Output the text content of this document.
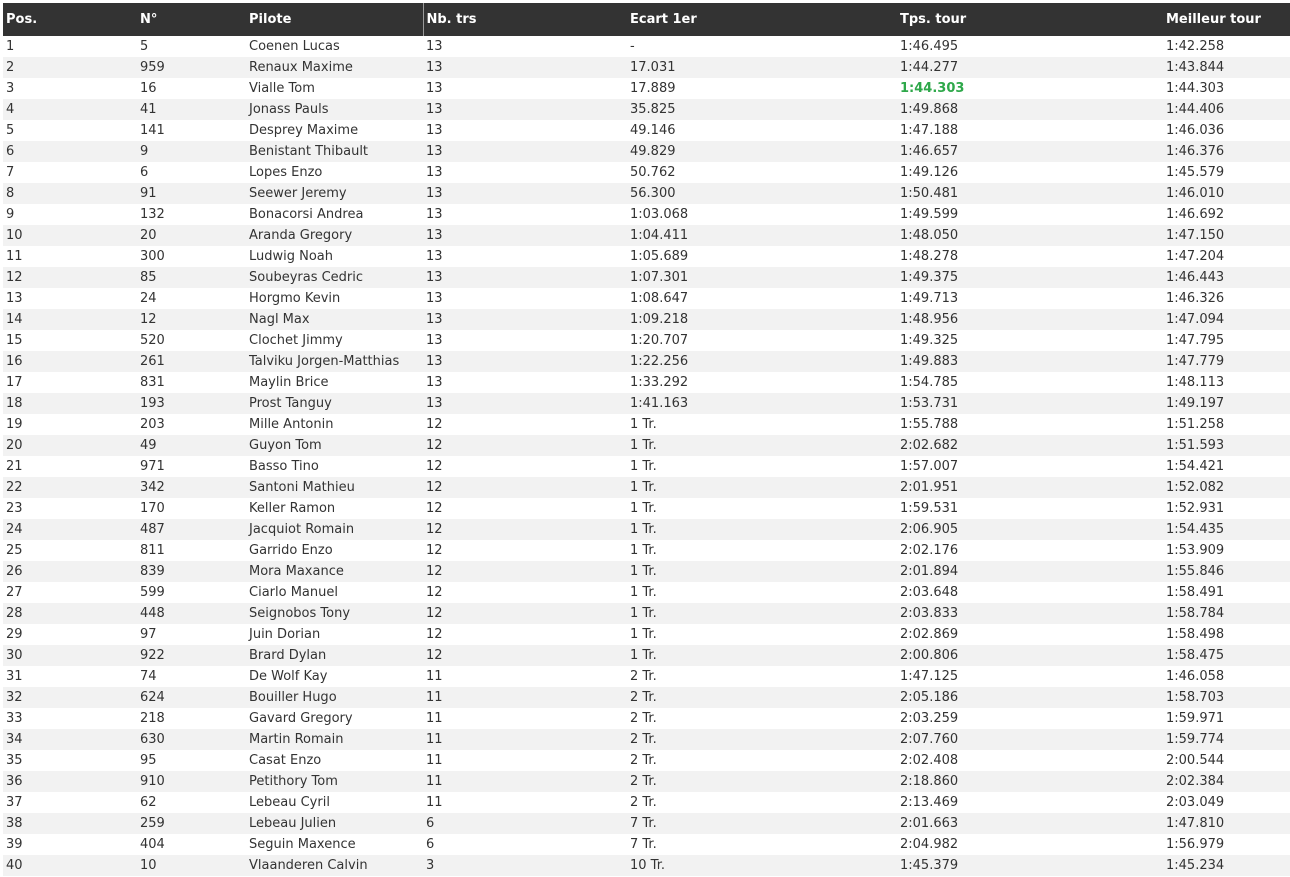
Pos.	N°	Pilote	Nb. trs	Ecart 1er	Tps. tour	Meilleur tour
1	5	Coenen Lucas	13	-	1:46.495	1:42.258
2	959	Renaux Maxime	13	17.031	1:44.277	1:43.844
3	16	Vialle Tom	13	17.889	1:44.303	1:44.303
4	41	Jonass Pauls	13	35.825	1:49.868	1:44.406
5	141	Desprey Maxime	13	49.146	1:47.188	1:46.036
6	9	Benistant Thibault	13	49.829	1:46.657	1:46.376
7	6	Lopes Enzo	13	50.762	1:49.126	1:45.579
8	91	Seewer Jeremy	13	56.300	1:50.481	1:46.010
9	132	Bonacorsi Andrea	13	1:03.068	1:49.599	1:46.692
10	20	Aranda Gregory	13	1:04.411	1:48.050	1:47.150
11	300	Ludwig Noah	13	1:05.689	1:48.278	1:47.204
12	85	Soubeyras Cedric	13	1:07.301	1:49.375	1:46.443
13	24	Horgmo Kevin	13	1:08.647	1:49.713	1:46.326
14	12	Nagl Max	13	1:09.218	1:48.956	1:47.094
15	520	Clochet Jimmy	13	1:20.707	1:49.325	1:47.795
16	261	Talviku Jorgen-Matthias	13	1:22.256	1:49.883	1:47.779
17	831	Maylin Brice	13	1:33.292	1:54.785	1:48.113
18	193	Prost Tanguy	13	1:41.163	1:53.731	1:49.197
19	203	Mille Antonin	12	1 Tr.	1:55.788	1:51.258
20	49	Guyon Tom	12	1 Tr.	2:02.682	1:51.593
21	971	Basso Tino	12	1 Tr.	1:57.007	1:54.421
22	342	Santoni Mathieu	12	1 Tr.	2:01.951	1:52.082
23	170	Keller Ramon	12	1 Tr.	1:59.531	1:52.931
24	487	Jacquiot Romain	12	1 Tr.	2:06.905	1:54.435
25	811	Garrido Enzo	12	1 Tr.	2:02.176	1:53.909
26	839	Mora Maxance	12	1 Tr.	2:01.894	1:55.846
27	599	Ciarlo Manuel	12	1 Tr.	2:03.648	1:58.491
28	448	Seignobos Tony	12	1 Tr.	2:03.833	1:58.784
29	97	Juin Dorian	12	1 Tr.	2:02.869	1:58.498
30	922	Brard Dylan	12	1 Tr.	2:00.806	1:58.475
31	74	De Wolf Kay	11	2 Tr.	1:47.125	1:46.058
32	624	Bouiller Hugo	11	2 Tr.	2:05.186	1:58.703
33	218	Gavard Gregory	11	2 Tr.	2:03.259	1:59.971
34	630	Martin Romain	11	2 Tr.	2:07.760	1:59.774
35	95	Casat Enzo	11	2 Tr.	2:02.408	2:00.544
36	910	Petithory Tom	11	2 Tr.	2:18.860	2:02.384
37	62	Lebeau Cyril	11	2 Tr.	2:13.469	2:03.049
38	259	Lebeau Julien	6	7 Tr.	2:01.663	1:47.810
39	404	Seguin Maxence	6	7 Tr.	2:04.982	1:56.979
40	10	Vlaanderen Calvin	3	10 Tr.	1:45.379	1:45.234
